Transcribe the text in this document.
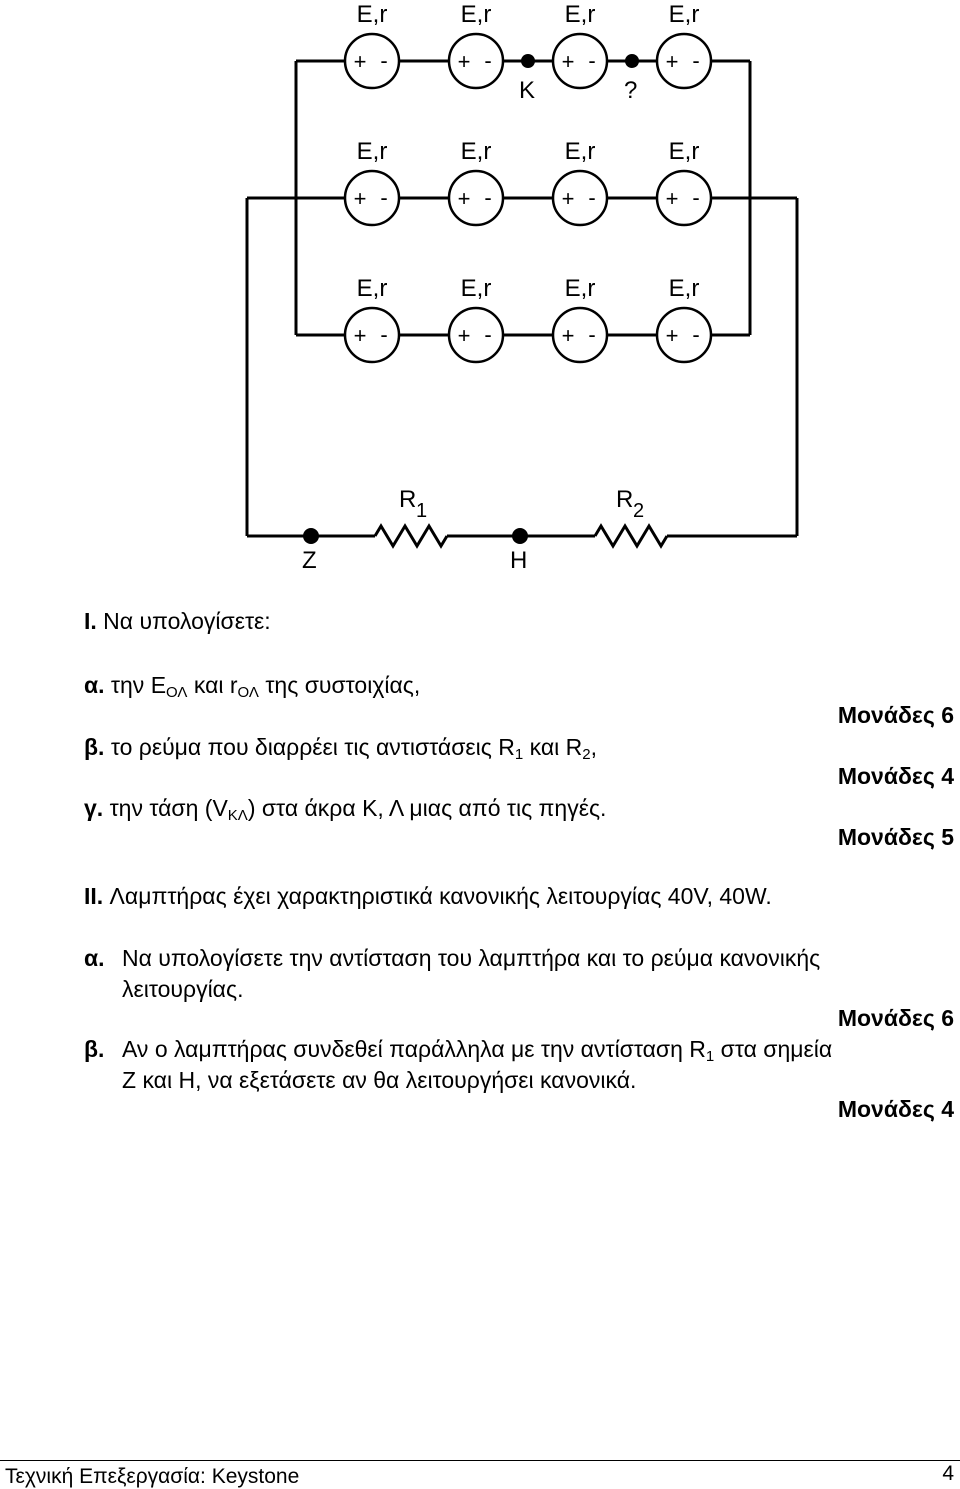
E,r	E,r	E,r	E,r
E,r	E,r	E,r	E,r
E,r	E,r	E,r	E,r
+ -	+ -	+ -	+ -
+ -	+ -	+ -	+ -
+ -	+ -	+ -	+ -
K	?
Z	H
R 1	R 2
I. Να υπολογίσετε:
α. την $E_{O\Lambda}$ και $r_{O\Lambda}$ της συστοιχίας,
Μονάδες 6
β. το ρεύμα που διαρρέει τις αντιστάσεις $R_1$ και $R_2$,
Μονάδες 4
γ. την τάση $(V_{K\Lambda})$ στα άκρα Κ, Λ μιας από τις πηγές.
Μονάδες 5
II. Λαμπτήρας έχει χαρακτηριστικά κανονικής λειτουργίας 40V, 40W.
α. Να υπολογίσετε την αντίσταση του λαμπτήρα και το ρεύμα κανονικής
λειτουργίας.
Μονάδες 6
β. Αν ο λαμπτήρας συνδεθεί παράλληλα με την αντίσταση $R_1$ στα σημεία
Ζ και Η, να εξετάσετε αν θα λειτουργήσει κανονικά.
Μονάδες 4
Τεχνική Επεξεργασία: Keystone	4
